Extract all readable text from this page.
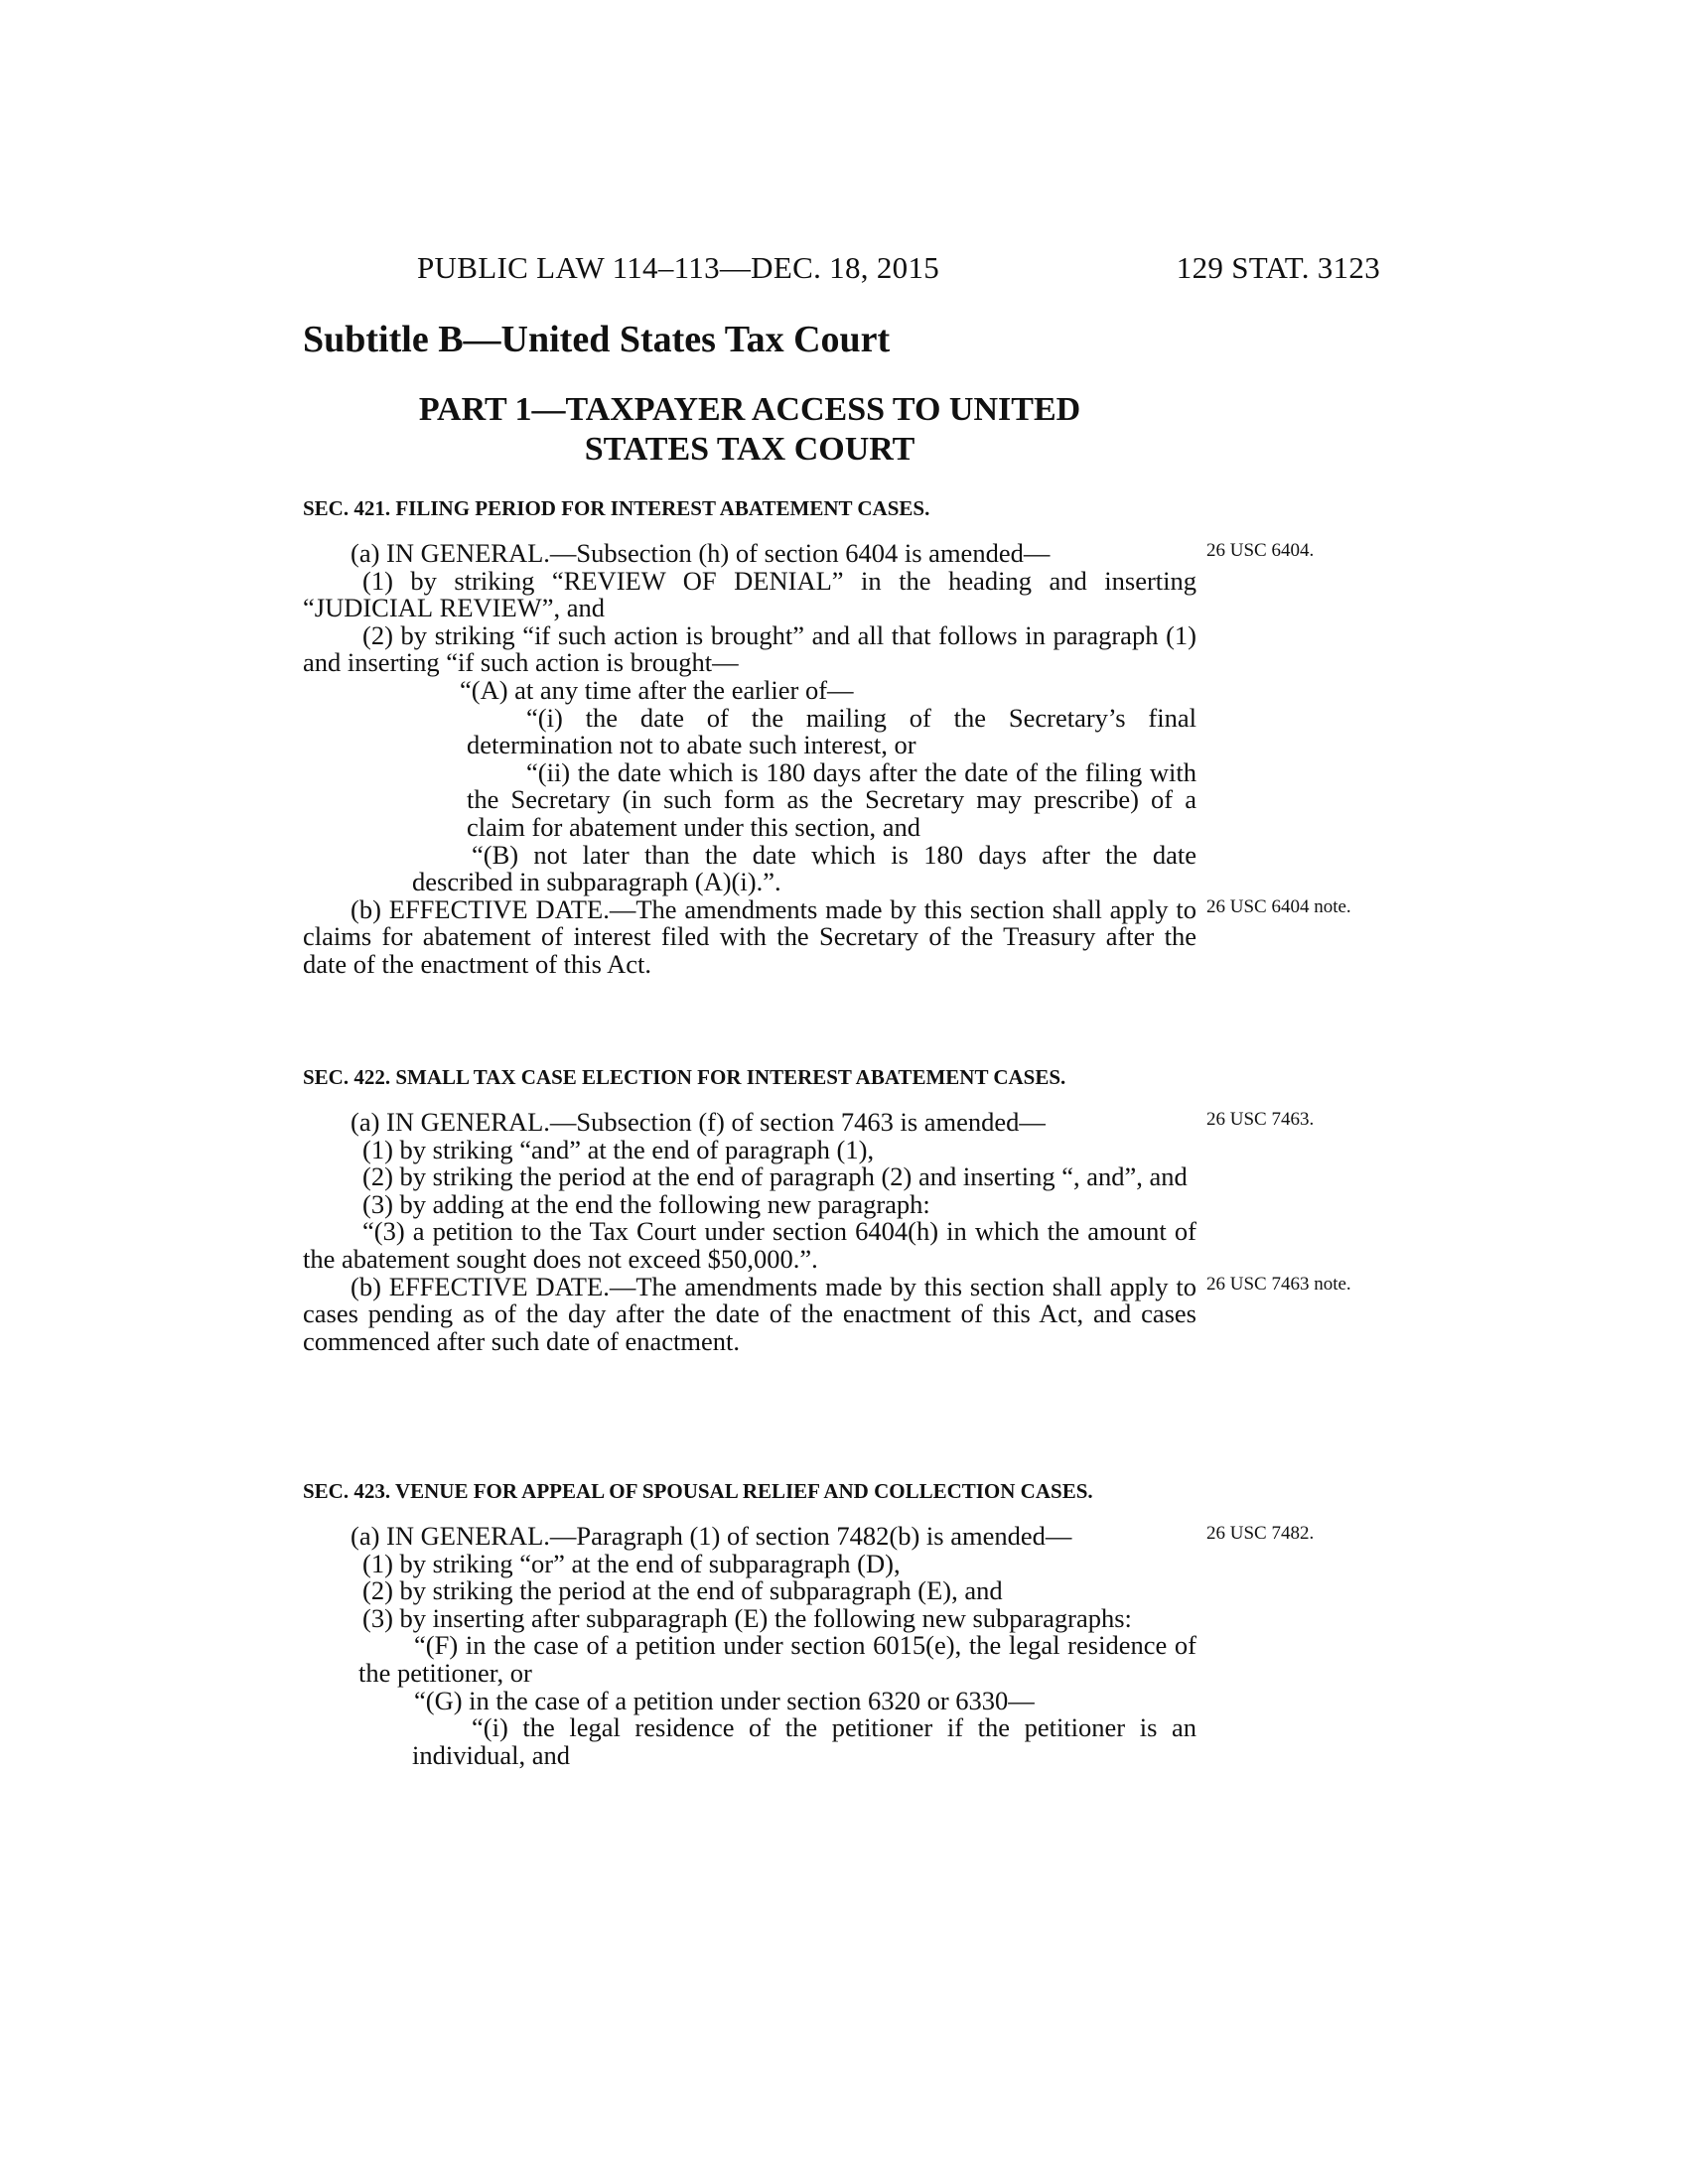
PUBLIC LAW 114–113—DEC. 18, 2015	129 STAT. 3123
Subtitle B—United States Tax Court
PART 1—TAXPAYER ACCESS TO UNITED
STATES TAX COURT

SEC. 421. FILING PERIOD FOR INTEREST ABATEMENT CASES.

(a) IN GENERAL.—Subsection (h) of section 6404 is amended—	26 USC 6404.

(1) by striking “REVIEW OF DENIAL” in the heading and inserting “JUDICIAL REVIEW”, and

(2) by striking “if such action is brought” and all that follows in paragraph (1) and inserting “if such action is brought—

“(A) at any time after the earlier of—

“(i) the date of the mailing of the Secretary’s final determination not to abate such interest, or

“(ii) the date which is 180 days after the date of the filing with the Secretary (in such form as the Secretary may prescribe) of a claim for abatement under this section, and

“(B) not later than the date which is 180 days after the date described in subparagraph (A)(i).”.

(b) EFFECTIVE DATE.—The amendments made by this section shall apply to claims for abatement of interest filed with the Secretary of the Treasury after the date of the enactment of this Act.
26 USC 6404 note.

SEC. 422. SMALL TAX CASE ELECTION FOR INTEREST ABATEMENT CASES.

(a) IN GENERAL.—Subsection (f) of section 7463 is amended—	26 USC 7463.

(1) by striking “and” at the end of paragraph (1),

(2) by striking the period at the end of paragraph (2) and inserting “, and”, and

(3) by adding at the end the following new paragraph:

“(3) a petition to the Tax Court under section 6404(h) in which the amount of the abatement sought does not exceed $50,000.”.

(b) EFFECTIVE DATE.—The amendments made by this section shall apply to cases pending as of the day after the date of the enactment of this Act, and cases commenced after such date of enactment.
26 USC 7463 note.

SEC. 423. VENUE FOR APPEAL OF SPOUSAL RELIEF AND COLLECTION CASES.

(a) IN GENERAL.—Paragraph (1) of section 7482(b) is amended—	26 USC 7482.

(1) by striking “or” at the end of subparagraph (D),

(2) by striking the period at the end of subparagraph (E), and

(3) by inserting after subparagraph (E) the following new subparagraphs:

“(F) in the case of a petition under section 6015(e), the legal residence of the petitioner, or

“(G) in the case of a petition under section 6320 or 6330—

“(i) the legal residence of the petitioner if the petitioner is an individual, and
